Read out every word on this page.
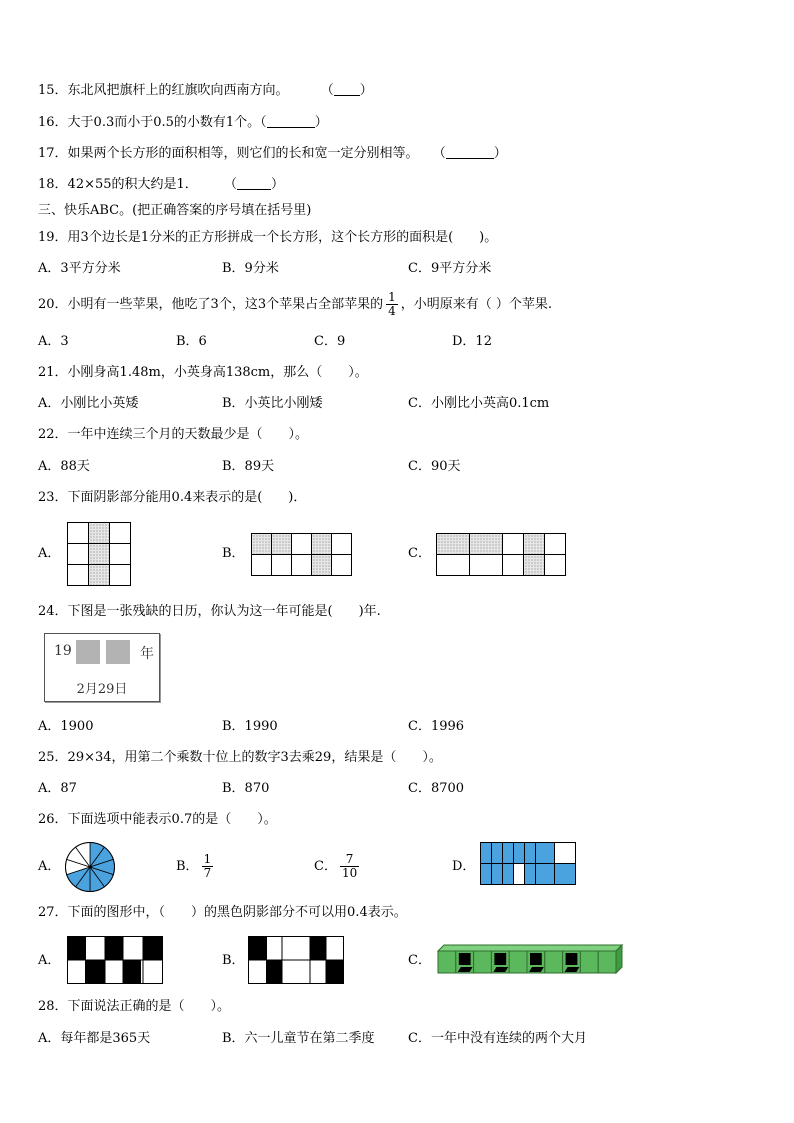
15．东北风把旗杆上的红旗吹向西南方向。 （ ）
16．大于0.3而小于0.5的小数有1个。（	）
17．如果两个长方形的面积相等，则它们的长和宽一定分别相等。 （	）
18．42×55的积大约是1． （	）
三、快乐ABC。(把正确答案的序号填在括号里)
19．用3个边长是1分米的正方形拼成一个长方形，这个长方形的面积是(　　)。
A．3平方分米	B．9分米	C．9平方分米
20．小明有一些苹果，他吃了3个，这3个苹果占全部苹果的 $\frac{1}{4}$ ，小明原来有（ ）个苹果.
A．3	B．6	C．9	D．12
21．小刚身高1.48m，小英身高138cm，那么（　　）。
A．小刚比小英矮	B．小英比小刚矮	C．小刚比小英高0.1cm
22．一年中连续三个月的天数最少是（　　）。
A．88天	B．89天	C．90天
23．下面阴影部分能用0.4来表示的是(　　)．
A．

			B．

					C．

24．下图是一张残缺的日历，你认为这一年可能是(　　)年.
19	年
2月29日
A．1900	B．1990	C．1996
25．29×34，用第二个乘数十位上的数字3去乘29，结果是（　　）。
A．87	B．870	C．8700
26．下面选项中能表示0.7的是（　　）。
A．	B． $\frac{1}{7}$	C． $\frac{7}{10}$	D．

27．下面的图形中，（　　）的黑色阴影部分不可以用0.4表示。
A．	B．	C．
28．下面说法正确的是（　　）。
A．每年都是365天	B．六一儿童节在第二季度	C．一年中没有连续的两个大月
